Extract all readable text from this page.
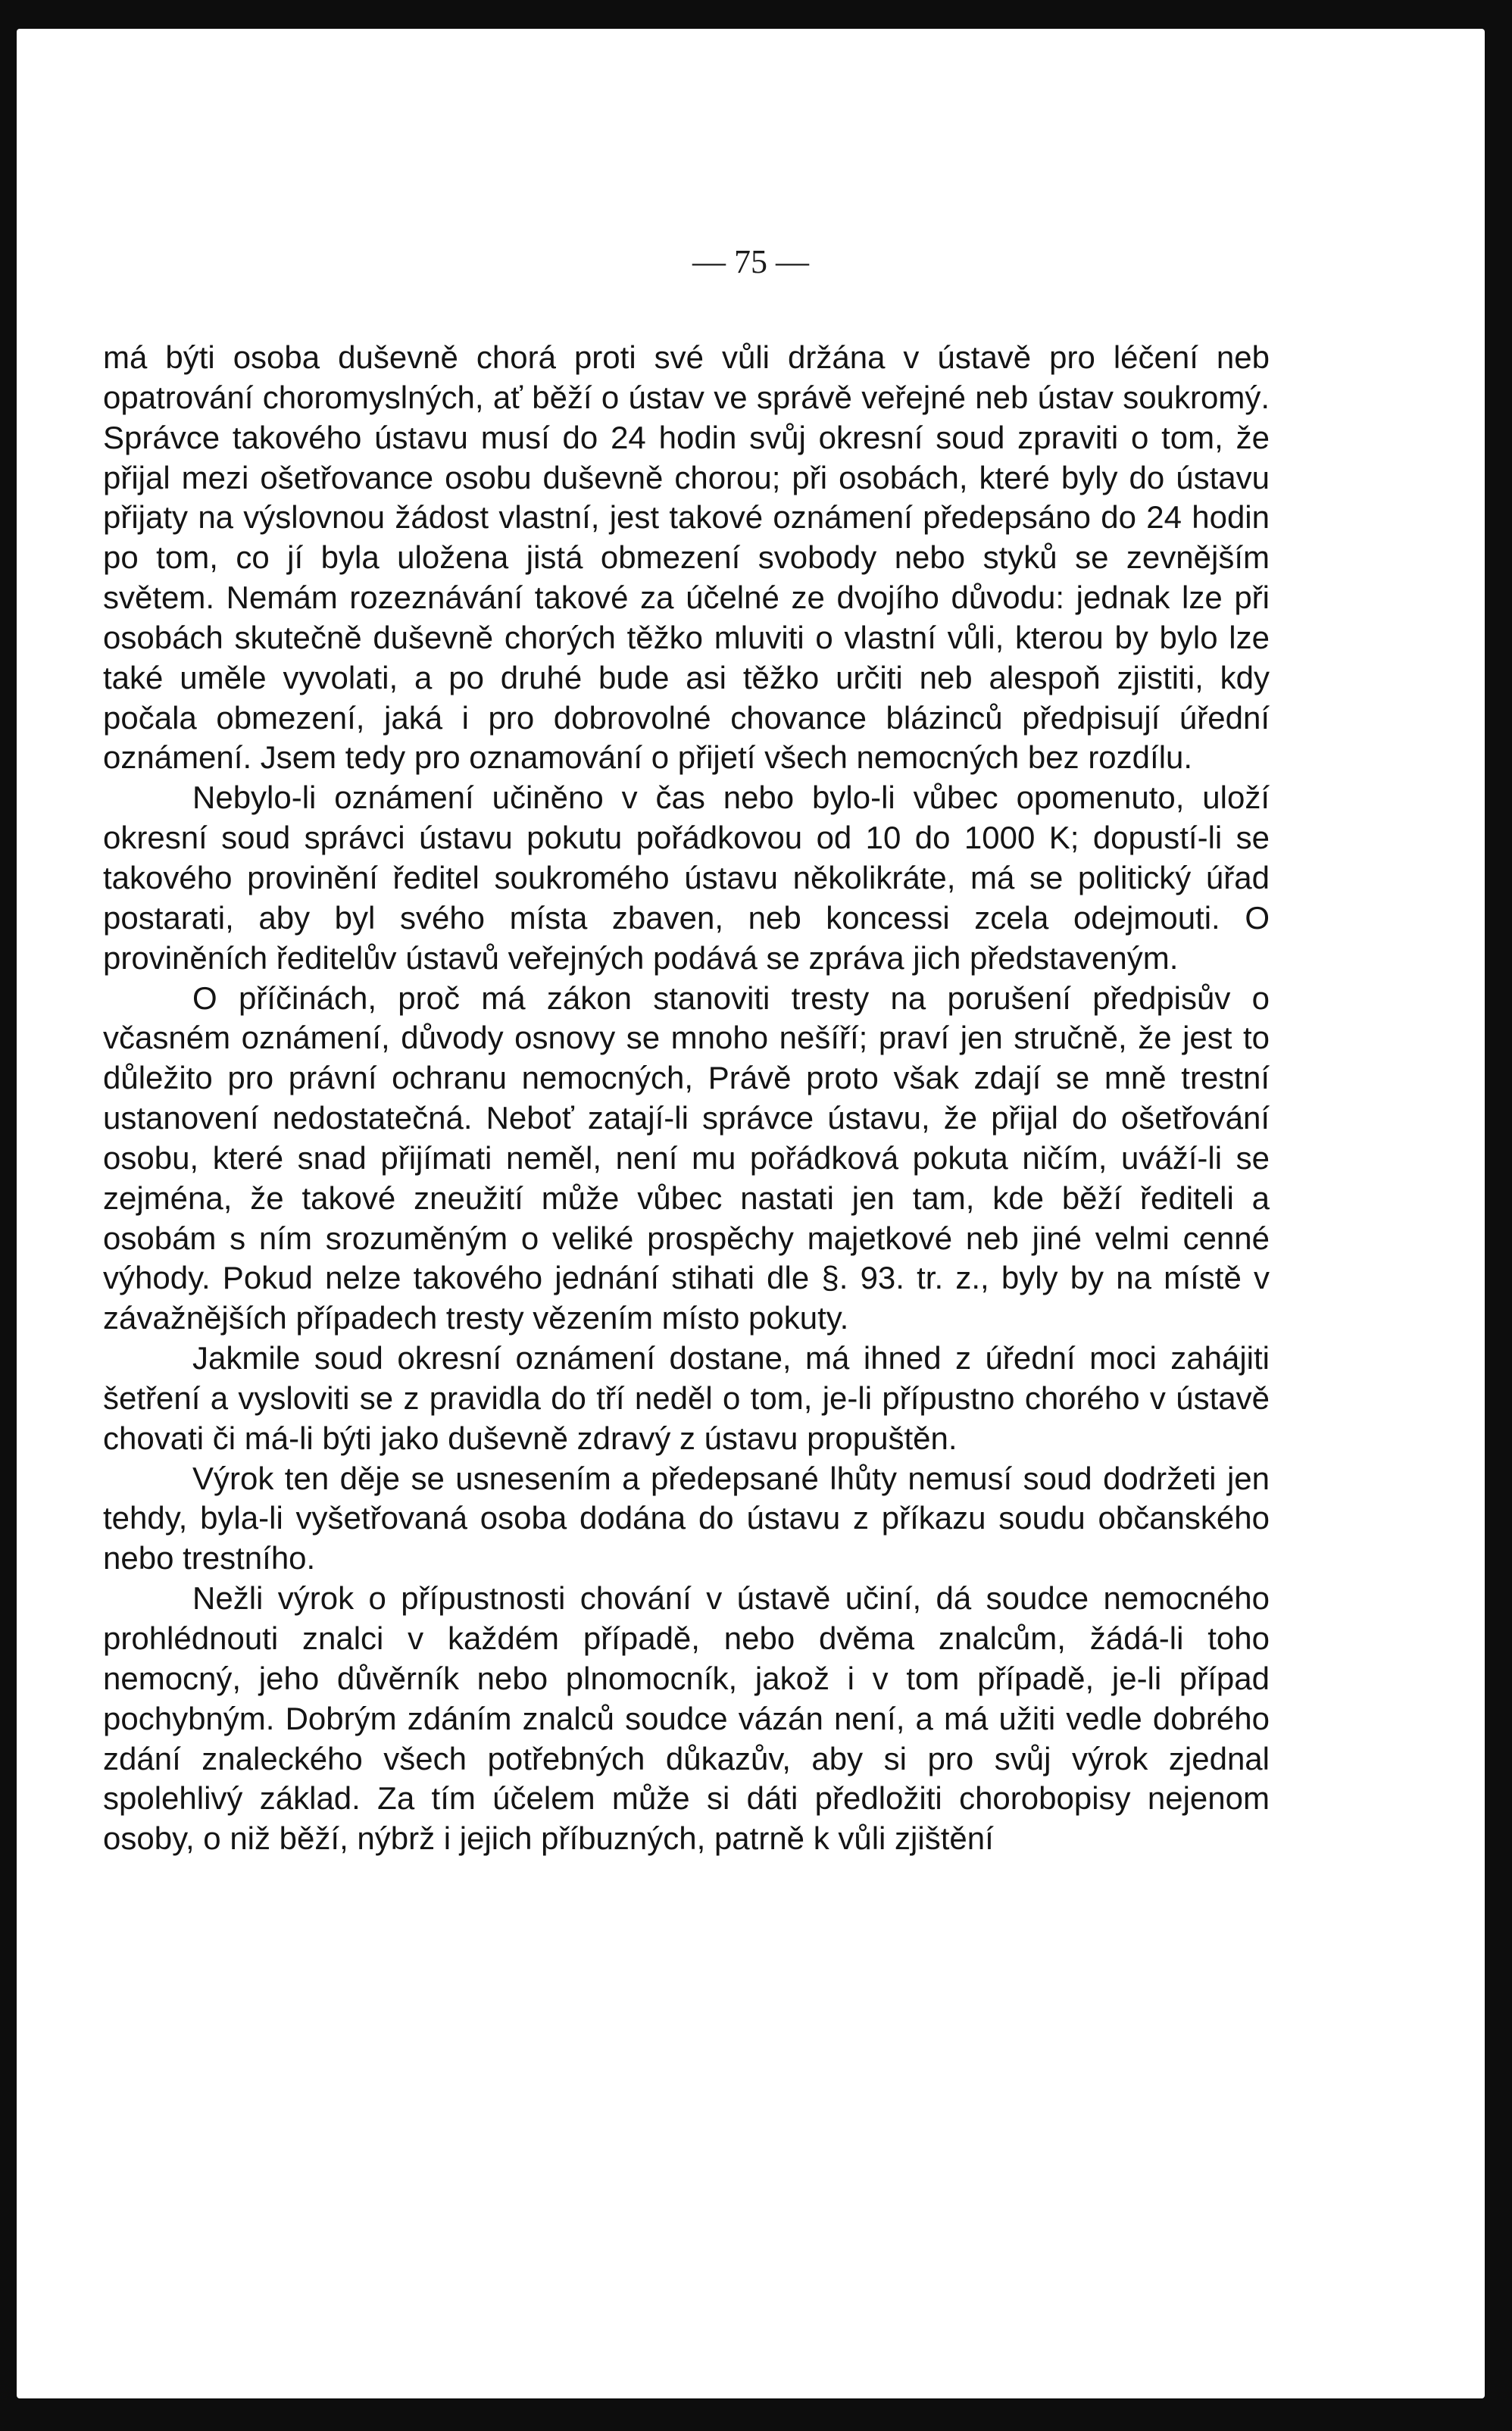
— 75 —

má býti osoba duševně chorá proti své vůli držána v ústavě pro léčení neb opatrování choromyslných, ať běží o ústav ve správě veřejné neb ústav soukromý. Správce takového ústavu musí do 24 hodin svůj okresní soud zpraviti o tom, že přijal mezi ošetřovance osobu duševně chorou; při osobách, které byly do ústavu přijaty na výslovnou žádost vlastní, jest takové oznámení předepsáno do 24 hodin po tom, co jí byla uložena jistá obmezení svobody nebo styků se zevnějším světem. Nemám rozeznávání takové za účelné ze dvojího důvodu: jednak lze při osobách skutečně duševně chorých těžko mluviti o vlastní vůli, kterou by bylo lze také uměle vyvolati, a po druhé bude asi těžko určiti neb alespoň zjistiti, kdy počala obmezení, jaká i pro dobrovolné chovance blázinců předpisují úřední oznámení. Jsem tedy pro oznamování o přijetí všech nemocných bez rozdílu.

Nebylo-li oznámení učiněno v čas nebo bylo-li vůbec opomenuto, uloží okresní soud správci ústavu pokutu pořádkovou od 10 do 1000 K; dopustí-li se takového provinění ředitel soukromého ústavu několikráte, má se politický úřad postarati, aby byl svého místa zbaven, neb koncessi zcela odejmouti. O proviněních ředitelův ústavů veřejných podává se zpráva jich představeným.

O příčinách, proč má zákon stanoviti tresty na porušení předpisův o včasném oznámení, důvody osnovy se mnoho nešíří; praví jen stručně, že jest to důležito pro právní ochranu nemocných, Právě proto však zdají se mně trestní ustanovení nedostatečná. Neboť zatají-li správce ústavu, že přijal do ošetřování osobu, které snad přijímati neměl, není mu pořádková pokuta ničím, uváží-li se zejména, že takové zneužití může vůbec nastati jen tam, kde běží řediteli a osobám s ním srozuměným o veliké prospěchy majetkové neb jiné velmi cenné výhody. Pokud nelze takového jednání stihati dle §. 93. tr. z., byly by na místě v závažnějších případech tresty vězením místo pokuty.

Jakmile soud okresní oznámení dostane, má ihned z úřední moci zahájiti šetření a vysloviti se z pravidla do tří neděl o tom, je-li přípustno chorého v ústavě chovati či má-li býti jako duševně zdravý z ústavu propuštěn.

Výrok ten děje se usnesením a předepsané lhůty nemusí soud dodržeti jen tehdy, byla-li vyšetřovaná osoba dodána do ústavu z příkazu soudu občanského nebo trestního.

Nežli výrok o přípustnosti chování v ústavě učiní, dá soudce nemocného prohlédnouti znalci v každém případě, nebo dvěma znalcům, žádá-li toho nemocný, jeho důvěrník nebo plnomocník, jakož i v tom případě, je-li případ pochybným. Dobrým zdáním znalců soudce vázán není, a má užiti vedle dobrého zdání znaleckého všech potřebných důkazův, aby si pro svůj výrok zjednal spolehlivý základ. Za tím účelem může si dáti předložiti chorobopisy nejenom osoby, o niž běží, nýbrž i jejich příbuzných, patrně k vůli zjištění
